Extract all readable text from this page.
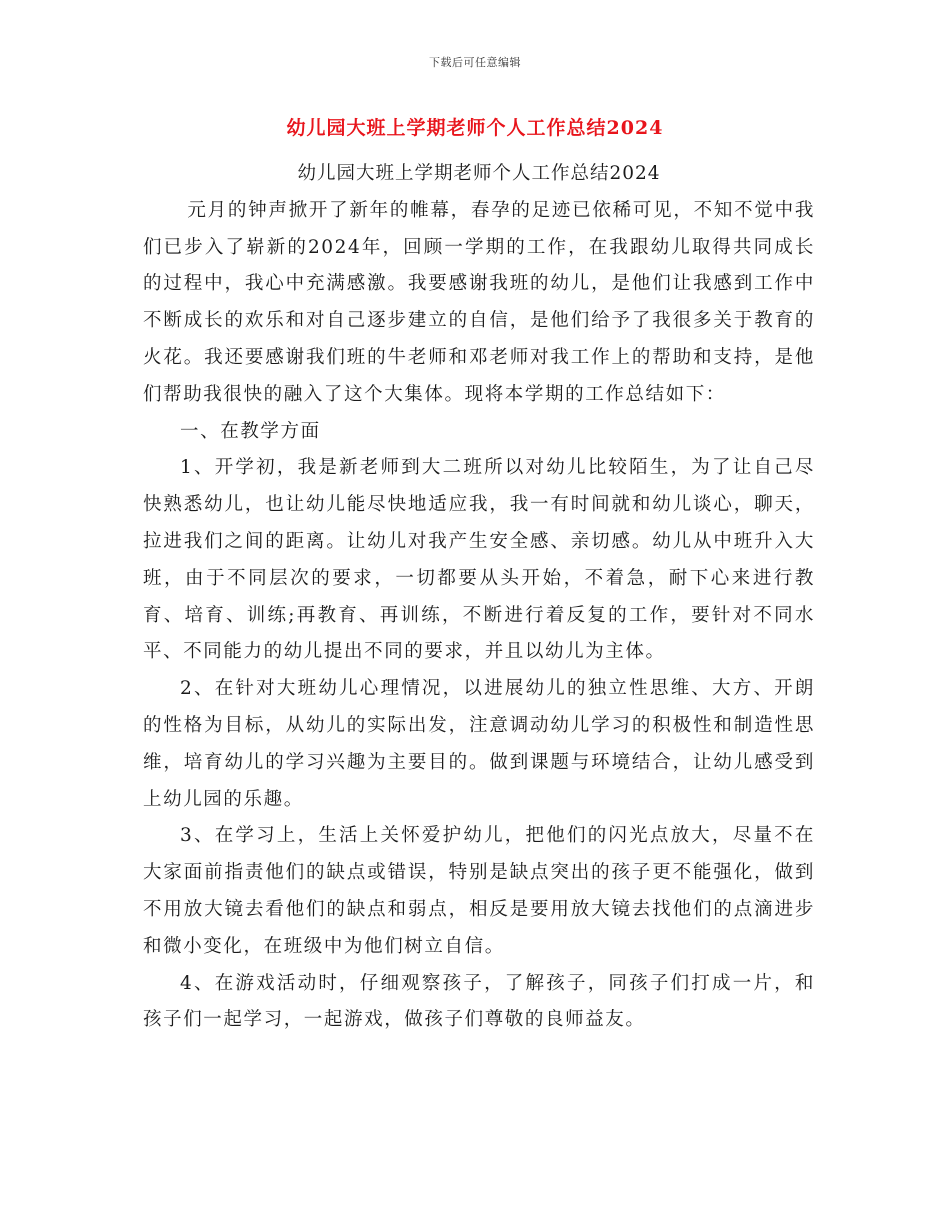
下载后可任意编辑
幼儿园大班上学期老师个人工作总结2024

幼儿园大班上学期老师个人工作总结2024

元月的钟声掀开了新年的帷幕，春孕的足迹已依稀可见，不知不觉中我们已步入了崭新的2024年，回顾一学期的工作，在我跟幼儿取得共同成长的过程中，我心中充满感激。我要感谢我班的幼儿，是他们让我感到工作中不断成长的欢乐和对自己逐步建立的自信，是他们给予了我很多关于教育的火花。我还要感谢我们班的牛老师和邓老师对我工作上的帮助和支持，是他们帮助我很快的融入了这个大集体。现将本学期的工作总结如下：

一、在教学方面

1、开学初，我是新老师到大二班所以对幼儿比较陌生，为了让自己尽快熟悉幼儿，也让幼儿能尽快地适应我，我一有时间就和幼儿谈心，聊天，拉进我们之间的距离。让幼儿对我产生安全感、亲切感。幼儿从中班升入大班，由于不同层次的要求，一切都要从头开始，不着急，耐下心来进行教育、培育、训练;再教育、再训练，不断进行着反复的工作，要针对不同水平、不同能力的幼儿提出不同的要求，并且以幼儿为主体。

2、在针对大班幼儿心理情况，以进展幼儿的独立性思维、大方、开朗的性格为目标，从幼儿的实际出发，注意调动幼儿学习的积极性和制造性思维，培育幼儿的学习兴趣为主要目的。做到课题与环境结合，让幼儿感受到上幼儿园的乐趣。

3、在学习上，生活上关怀爱护幼儿，把他们的闪光点放大，尽量不在大家面前指责他们的缺点或错误，特别是缺点突出的孩子更不能强化，做到不用放大镜去看他们的缺点和弱点，相反是要用放大镜去找他们的点滴进步和微小变化，在班级中为他们树立自信。

4、在游戏活动时，仔细观察孩子，了解孩子，同孩子们打成一片，和孩子们一起学习，一起游戏，做孩子们尊敬的良师益友。
